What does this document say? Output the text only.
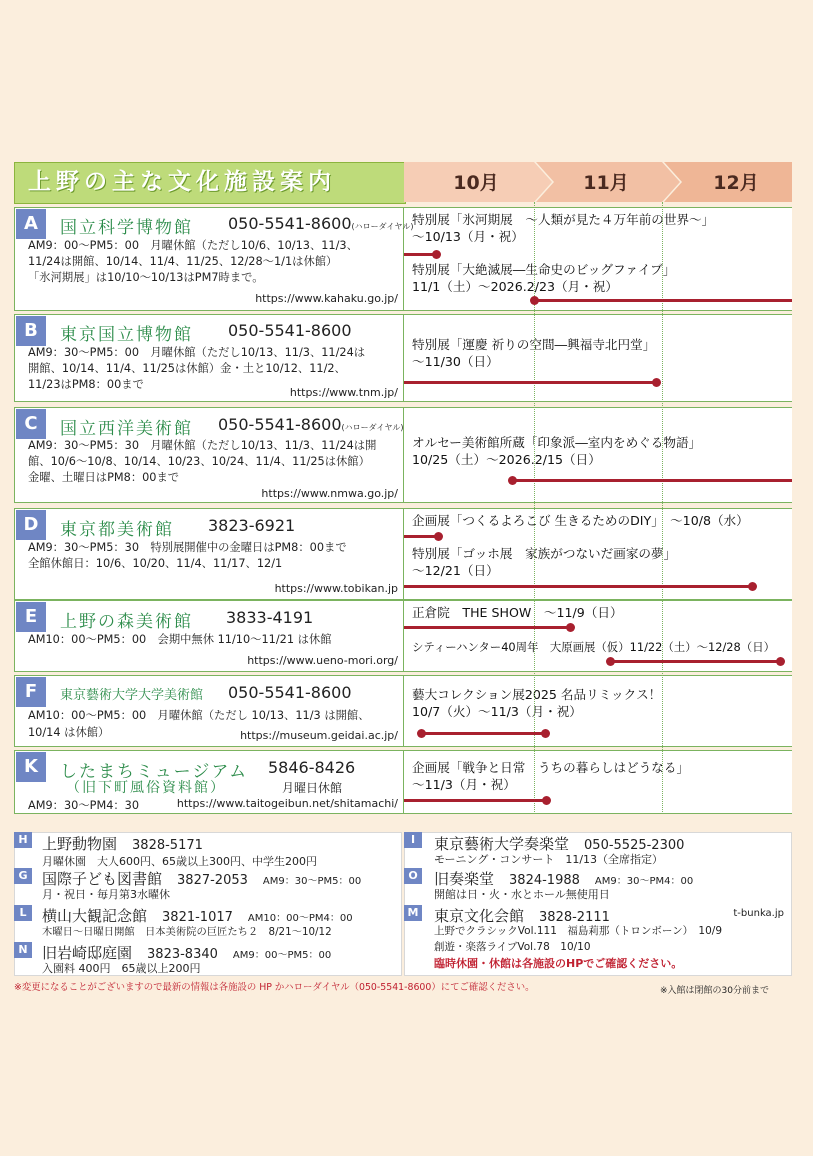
上野の主な文化施設案内	10月	11月	12月
A	国立科学博物館 050-5541-8600(ハローダイヤル)
AM9：00〜PM5：00　月曜休館（ただし10/6、10/13、11/3、
11/24は開館、10/14、11/4、11/25、12/28〜1/1は休館）
「氷河期展」は10/10〜10/13はPM7時まで。
https://www.kahaku.go.jp/
特別展「氷河期展　〜人類が見た４万年前の世界〜」
〜10/13（月・祝）
特別展「大絶滅展―生命史のビッグファイブ」
11/1（土）〜2026.2/23（月・祝）
B	東京国立博物館 050-5541-8600
AM9：30〜PM5：00　月曜休館（ただし10/13、11/3、11/24は
開館、10/14、11/4、11/25は休館）金・土と10/12、11/2、
11/23はPM8：00まで
https://www.tnm.jp/
特別展「運慶 祈りの空間―興福寺北円堂」
〜11/30（日）
C	国立西洋美術館 050-5541-8600(ハローダイヤル)
AM9：30〜PM5：30　月曜休館（ただし10/13、11/3、11/24は開
館、10/6〜10/8、10/14、10/23、10/24、11/4、11/25は休館）
金曜、土曜日はPM8：00まで
https://www.nmwa.go.jp/
オルセー美術館所蔵「印象派―室内をめぐる物語」
10/25（土）〜2026.2/15（日）
D	東京都美術館 3823-6921
AM9：30〜PM5：30　特別展開催中の金曜日はPM8：00まで
全館休館日：10/6、10/20、11/4、11/17、12/1
https://www.tobikan.jp
企画展「つくるよろこび 生きるためのDIY」　〜10/8（水）
特別展「ゴッホ展　家族がつないだ画家の夢」
〜12/21（日）
E	上野の森美術館 3833-4191
AM10：00〜PM5：00　会期中無休 11/10〜11/21 は休館
https://www.ueno-mori.org/
正倉院　THE SHOW　〜11/9（日）
シティーハンター40周年　大原画展（仮）11/22（土）〜12/28（日）
F	東京藝術大学大学美術館 050-5541-8600
AM10：00〜PM5：00　月曜休館（ただし 10/13、11/3 は開館、
10/14 は休館）	https://museum.geidai.ac.jp/
藝大コレクション展2025 名品リミックス！
10/7（火）〜11/3（月・祝）
K	したまちミュージアム 5846-8426
（旧下町風俗資料館）	月曜日休館
AM9：30〜PM4：30	https://www.taitogeibun.net/shitamachi/
企画展「戦争と日常　うちの暮らしはどうなる」
〜11/3（月・祝）
H 上野動物園　 3828-5171
月曜休園　大人600円、65歳以上300円、中学生200円
G 国際子ども図書館　 3827-2053　 AM9：30〜PM5：00
月・祝日・毎月第3水曜休
L	横山大観記念館　 3821-1017　 AM10：00〜PM4：00
木曜日〜日曜日開館　日本美術院の巨匠たち２　8/21〜10/12
N 旧岩崎邸庭園　 3823-8340　 AM9：00〜PM5：00
入園料 400円　65歳以上200円
I	東京藝術大学奏楽堂　 050-5525-2300
モーニング・コンサート　11/13（全席指定）
O 旧奏楽堂　 3824-1988　 AM9：30〜PM4：00
開館は日・火・水とホール無使用日
M 東京文化会館　 3828-2111	t-bunka.jp
上野でクラシックVol.111　福島莉那（トロンボーン）　10/9
創遊・楽落ライブVol.78　10/10
臨時休園・休館は各施設のHPでご確認ください。
※変更になることがございますので最新の情報は各施設の HP かハローダイヤル（050-5541-8600）にてご確認ください。	※入館は閉館の30分前まで
